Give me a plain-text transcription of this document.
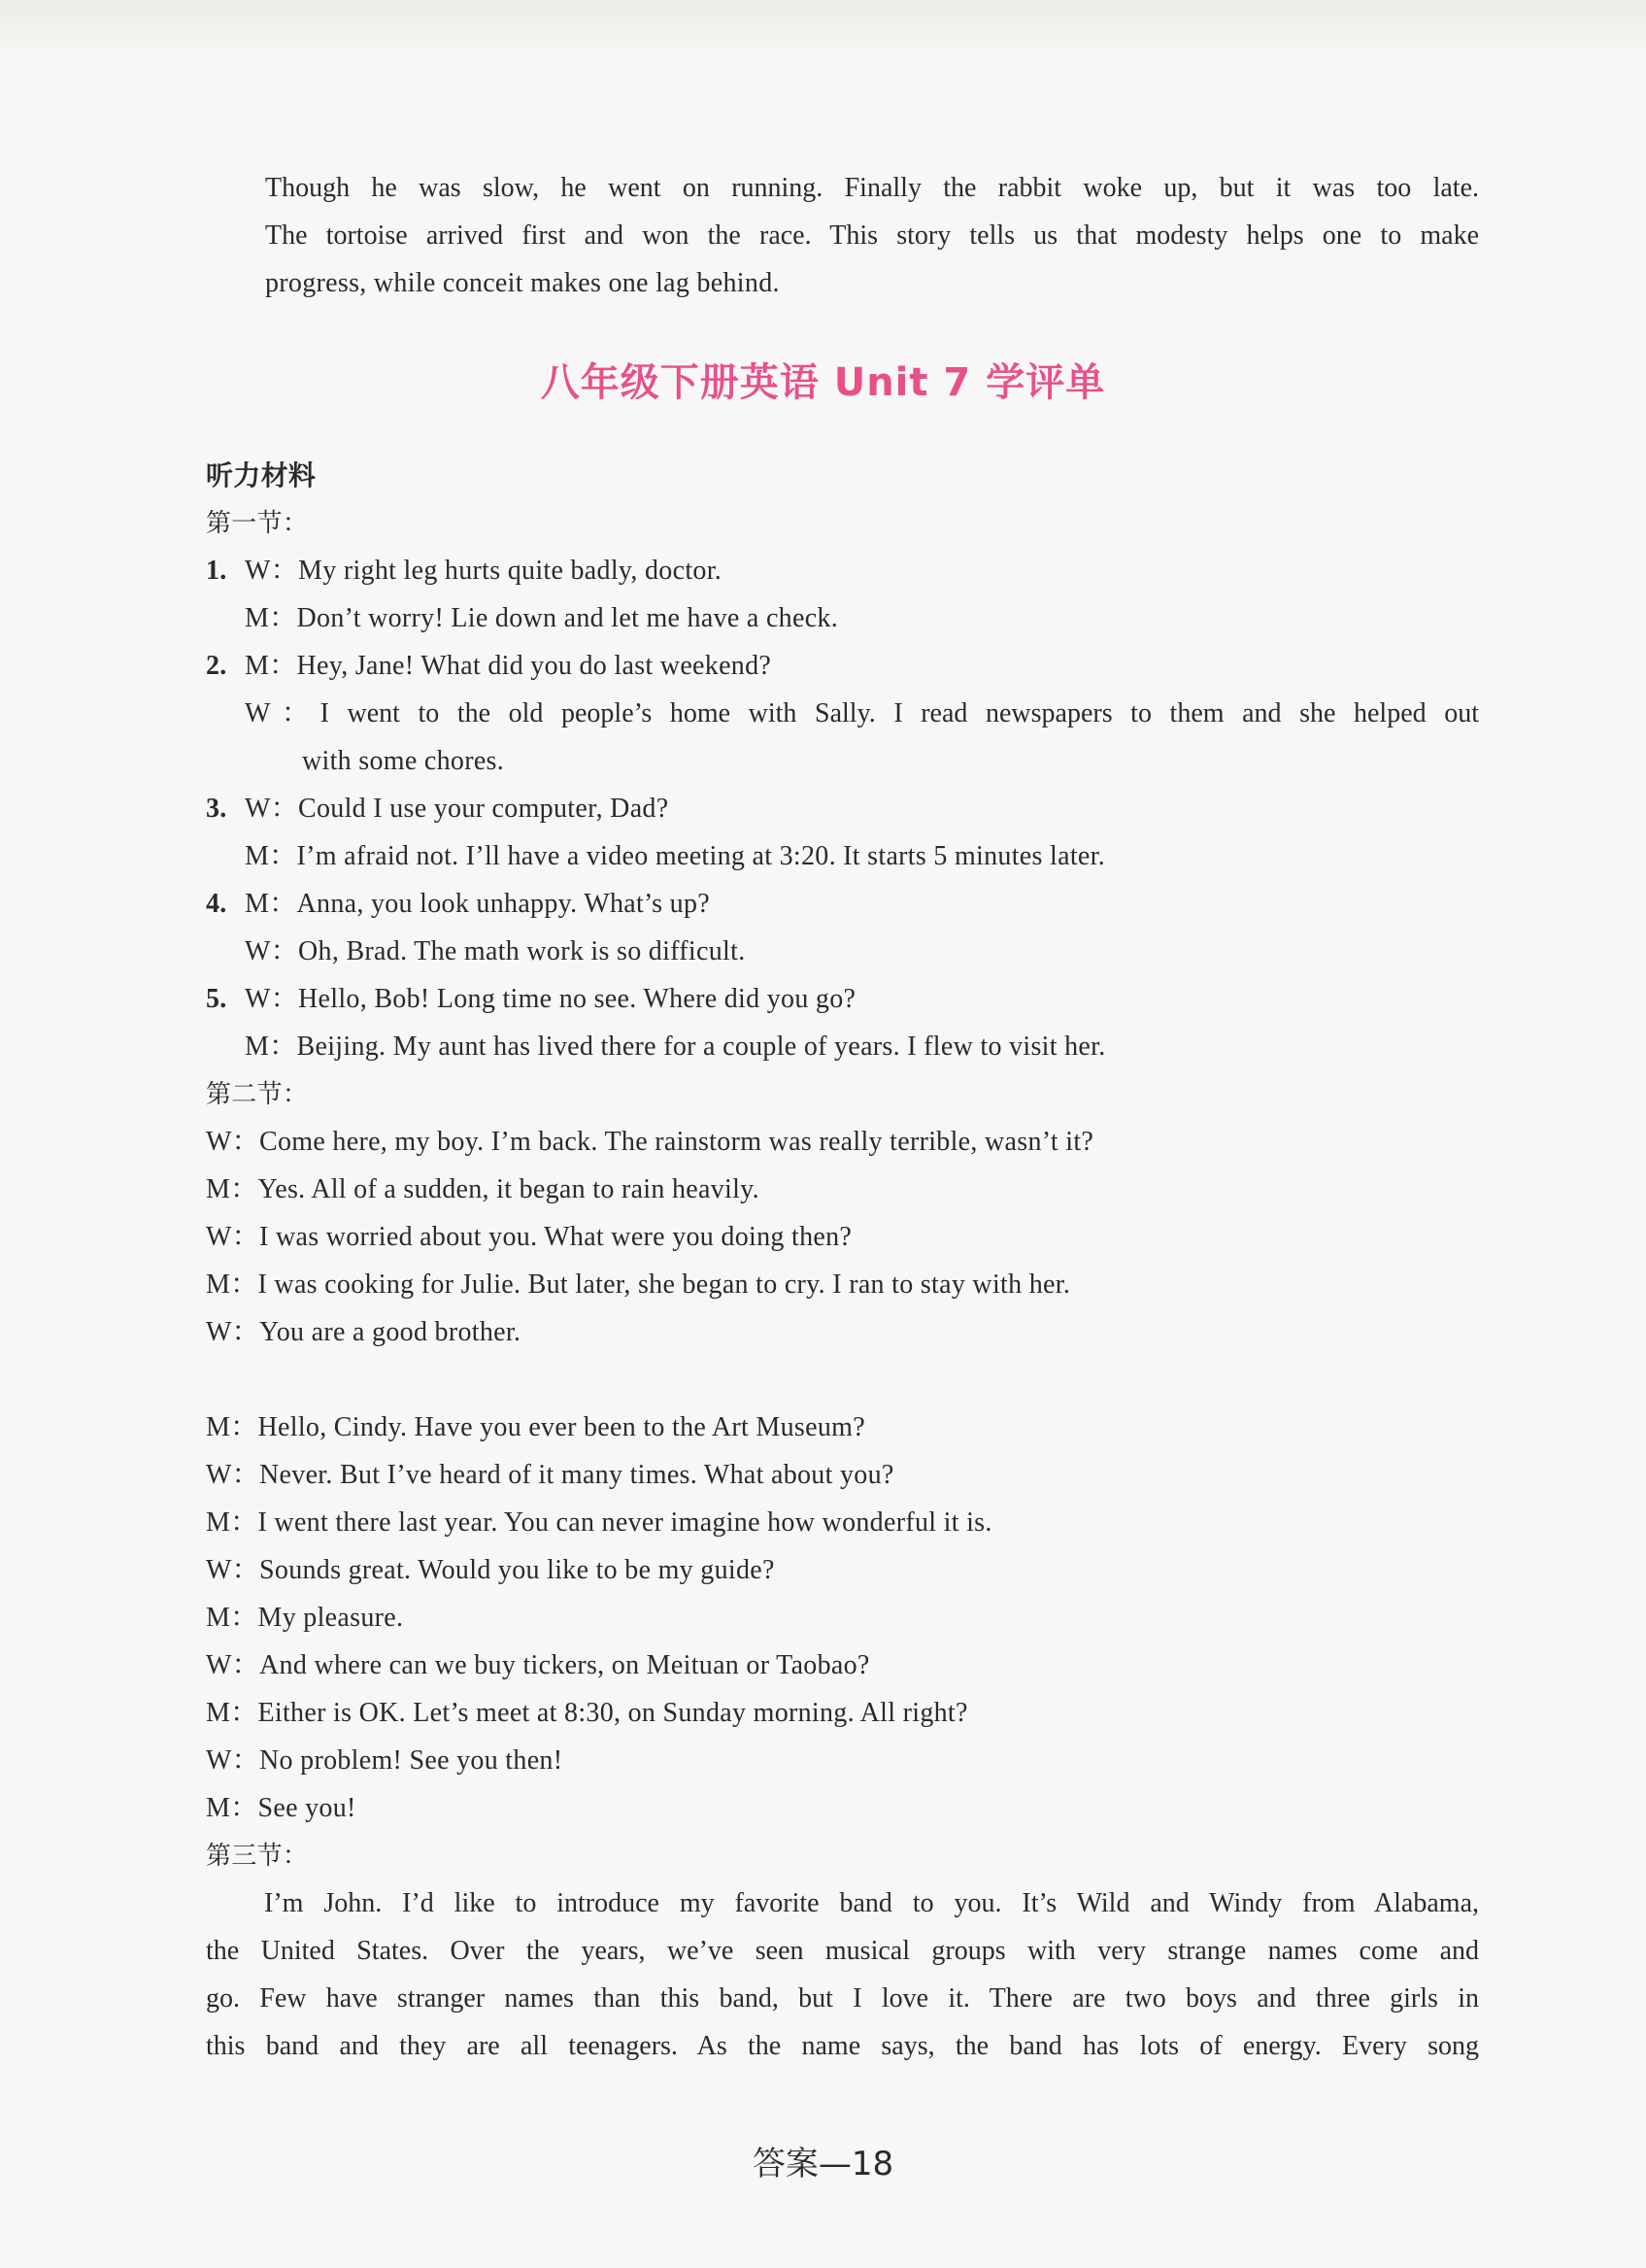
Though he was slow, he went on running. Finally the rabbit woke up, but it was too late.
The tortoise arrived first and won the race. This story tells us that modesty helps one to make
progress, while conceit makes one lag behind.
八年级下册英语 Unit 7 学评单
听力材料
第一节：
1. W：My right leg hurts quite badly, doctor.
M：Don’t worry! Lie down and let me have a check.
2. M：Hey, Jane! What did you do last weekend?
W：I went to the old people’s home with Sally. I read newspapers to them and she helped out
with some chores.
3. W：Could I use your computer, Dad?
M：I’m afraid not. I’ll have a video meeting at 3:20. It starts 5 minutes later.
4. M：Anna, you look unhappy. What’s up?
W：Oh, Brad. The math work is so difficult.
5. W：Hello, Bob! Long time no see. Where did you go?
M：Beijing. My aunt has lived there for a couple of years. I flew to visit her.
第二节：
W：Come here, my boy. I’m back. The rainstorm was really terrible, wasn’t it?
M：Yes. All of a sudden, it began to rain heavily.
W：I was worried about you. What were you doing then?
M：I was cooking for Julie. But later, she began to cry. I ran to stay with her.
W：You are a good brother.
M：Hello, Cindy. Have you ever been to the Art Museum?
W：Never. But I’ve heard of it many times. What about you?
M：I went there last year. You can never imagine how wonderful it is.
W：Sounds great. Would you like to be my guide?
M：My pleasure.
W：And where can we buy tickers, on Meituan or Taobao?
M：Either is OK. Let’s meet at 8:30, on Sunday morning. All right?
W：No problem! See you then!
M：See you!
第三节：
I’m John. I’d like to introduce my favorite band to you. It’s Wild and Windy from Alabama,
the United States. Over the years, we’ve seen musical groups with very strange names come and
go. Few have stranger names than this band, but I love it. There are two boys and three girls in
this band and they are all teenagers. As the name says, the band has lots of energy. Every song
答案—18
